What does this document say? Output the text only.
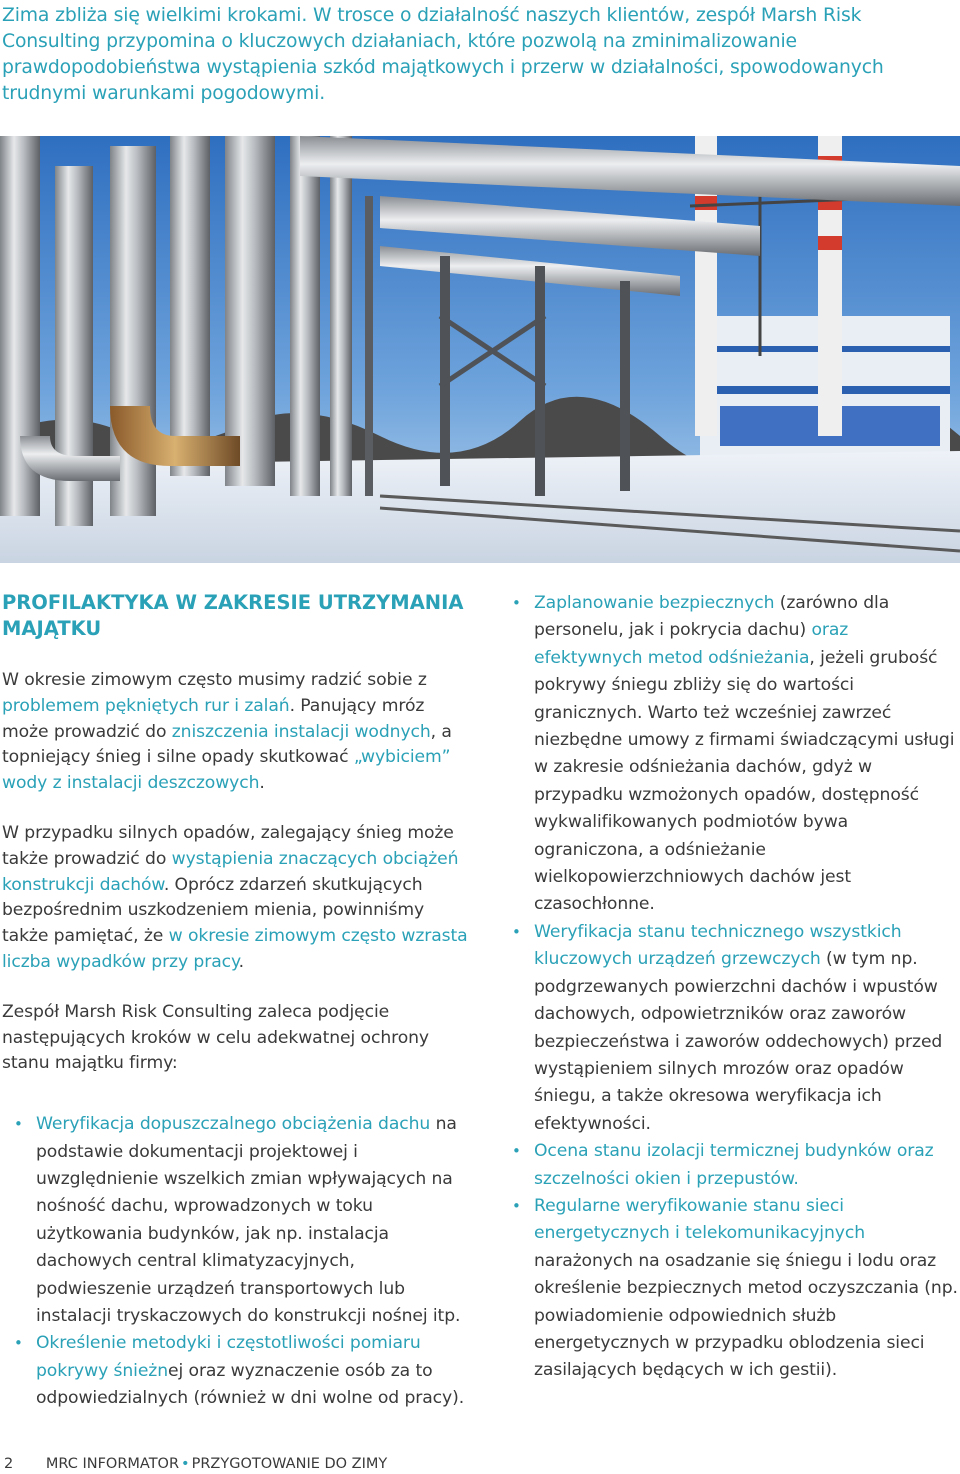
Zima zbliża się wielkimi krokami. W trosce o działalność naszych klientów, zespół Marsh Risk Consulting przypomina o kluczowych działaniach, które pozwolą na zminimalizowanie prawdopodobieństwa wystąpienia szkód majątkowych i przerw w działalności, spowodowanych trudnymi warunkami pogodowymi.

PROFILAKTYKA W ZAKRESIE UTRZYMANIA MAJĄTKU

W okresie zimowym często musimy radzić sobie z problemem pękniętych rur i zalań. Panujący mróz może prowadzić do zniszczenia instalacji wodnych, a topniejący śnieg i silne opady skutkować „wybiciem” wody z instalacji deszczowych.

W przypadku silnych opadów, zalegający śnieg może także prowadzić do wystąpienia znaczących obciążeń konstrukcji dachów. Oprócz zdarzeń skutkujących bezpośrednim uszkodzeniem mienia, powinniśmy także pamiętać, że w okresie zimowym często wzrasta liczba wypadków przy pracy.

Zespół Marsh Risk Consulting zaleca podjęcie następujących kroków w celu adekwatnej ochrony stanu majątku firmy:

• Weryfikacja dopuszczalnego obciążenia dachu na podstawie dokumentacji projektowej i uwzględnienie wszelkich zmian wpływających na nośność dachu, wprowadzonych w toku użytkowania budynków, jak np. instalacja dachowych central klimatyzacyjnych, podwieszenie urządzeń transportowych lub instalacji tryskaczowych do konstrukcji nośnej itp.
• Określenie metodyki i częstotliwości pomiaru pokrywy śnieżnej oraz wyznaczenie osób za to odpowiedzialnych (również w dni wolne od pracy).
• Zaplanowanie bezpiecznych (zarówno dla personelu, jak i pokrycia dachu) oraz efektywnych metod odśnieżania, jeżeli grubość pokrywy śniegu zbliży się do wartości granicznych. Warto też wcześniej zawrzeć niezbędne umowy z firmami świadczącymi usługi w zakresie odśnieżania dachów, gdyż w przypadku wzmożonych opadów, dostępność wykwalifikowanych podmiotów bywa ograniczona, a odśnieżanie wielkopowierzchniowych dachów jest czasochłonne.
• Weryfikacja stanu technicznego wszystkich kluczowych urządzeń grzewczych (w tym np. podgrzewanych powierzchni dachów i wpustów dachowych, odpowietrzników oraz zaworów bezpieczeństwa i zaworów oddechowych) przed wystąpieniem silnych mrozów oraz opadów śniegu, a także okresowa weryfikacja ich efektywności.
• Ocena stanu izolacji termicznej budynków oraz szczelności okien i przepustów.
• Regularne weryfikowanie stanu sieci energetycznych i telekomunikacyjnych narażonych na osadzanie się śniegu i lodu oraz określenie bezpiecznych metod oczyszczania (np. powiadomienie odpowiednich służb energetycznych w przypadku oblodzenia sieci zasilających będących w ich gestii).
2 MRC INFORMATOR • PRZYGOTOWANIE DO ZIMY
